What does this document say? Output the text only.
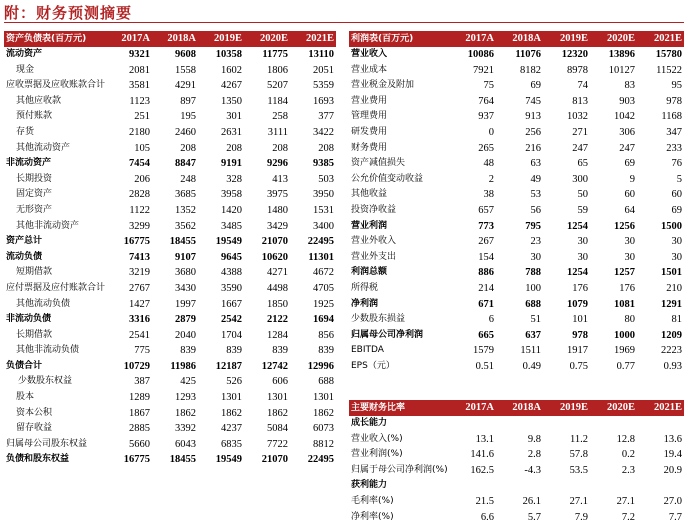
附：财务预测摘要
资产负债表(百万元)	2017A	2018A	2019E	2020E	2021E
流动资产	9321	9608	10358	11775	13110
现金	2081	1558	1602	1806	2051
应收票据及应收账款合计	3581	4291	4267	5207	5359
其他应收款	1123	897	1350	1184	1693
预付账款	251	195	301	258	377
存货	2180	2460	2631	3111	3422
其他流动资产	105	208	208	208	208
非流动资产	7454	8847	9191	9296	9385
长期投资	206	248	328	413	503
固定资产	2828	3685	3958	3975	3950
无形资产	1122	1352	1420	1480	1531
其他非流动资产	3299	3562	3485	3429	3400
资产总计	16775	18455	19549	21070	22495
流动负债	7413	9107	9645	10620	11301
短期借款	3219	3680	4388	4271	4672
应付票据及应付账款合计	2767	3430	3590	4498	4705
其他流动负债	1427	1997	1667	1850	1925
非流动负债	3316	2879	2542	2122	1694
长期借款	2541	2040	1704	1284	856
其他非流动负债	775	839	839	839	839
负债合计	10729	11986	12187	12742	12996
少数股东权益	387	425	526	606	688
股本	1289	1293	1301	1301	1301
资本公积	1867	1862	1862	1862	1862
留存收益	2885	3392	4237	5084	6073
归属母公司股东权益	5660	6043	6835	7722	8812
负债和股东权益	16775	18455	19549	21070	22495
利润表(百万元)	2017A	2018A	2019E	2020E	2021E
营业收入	10086	11076	12320	13896	15780
营业成本	7921	8182	8978	10127	11522
营业税金及附加	75	69	74	83	95
营业费用	764	745	813	903	978
管理费用	937	913	1032	1042	1168
研发费用	0	256	271	306	347
财务费用	265	216	247	247	233
资产减值损失	48	63	65	69	76
公允价值变动收益	2	49	300	9	5
其他收益	38	53	50	60	60
投资净收益	657	56	59	64	69
营业利润	773	795	1254	1256	1500
营业外收入	267	23	30	30	30
营业外支出	154	30	30	30	30
利润总额	886	788	1254	1257	1501
所得税	214	100	176	176	210
净利润	671	688	1079	1081	1291
少数股东损益	6	51	101	80	81
归属母公司净利润	665	637	978	1000	1209
EBITDA	1579	1511	1917	1969	2223
EPS（元）	0.51	0.49	0.75	0.77	0.93
主要财务比率	2017A	2018A	2019E	2020E	2021E
成长能力					
营业收入(%)	13.1	9.8	11.2	12.8	13.6
营业利润(%)	141.6	2.8	57.8	0.2	19.4
归属于母公司净利润(%)	162.5	-4.3	53.5	2.3	20.9
获利能力					
毛利率(%)	21.5	26.1	27.1	27.1	27.0
净利率(%)	6.6	5.7	7.9	7.2	7.7
